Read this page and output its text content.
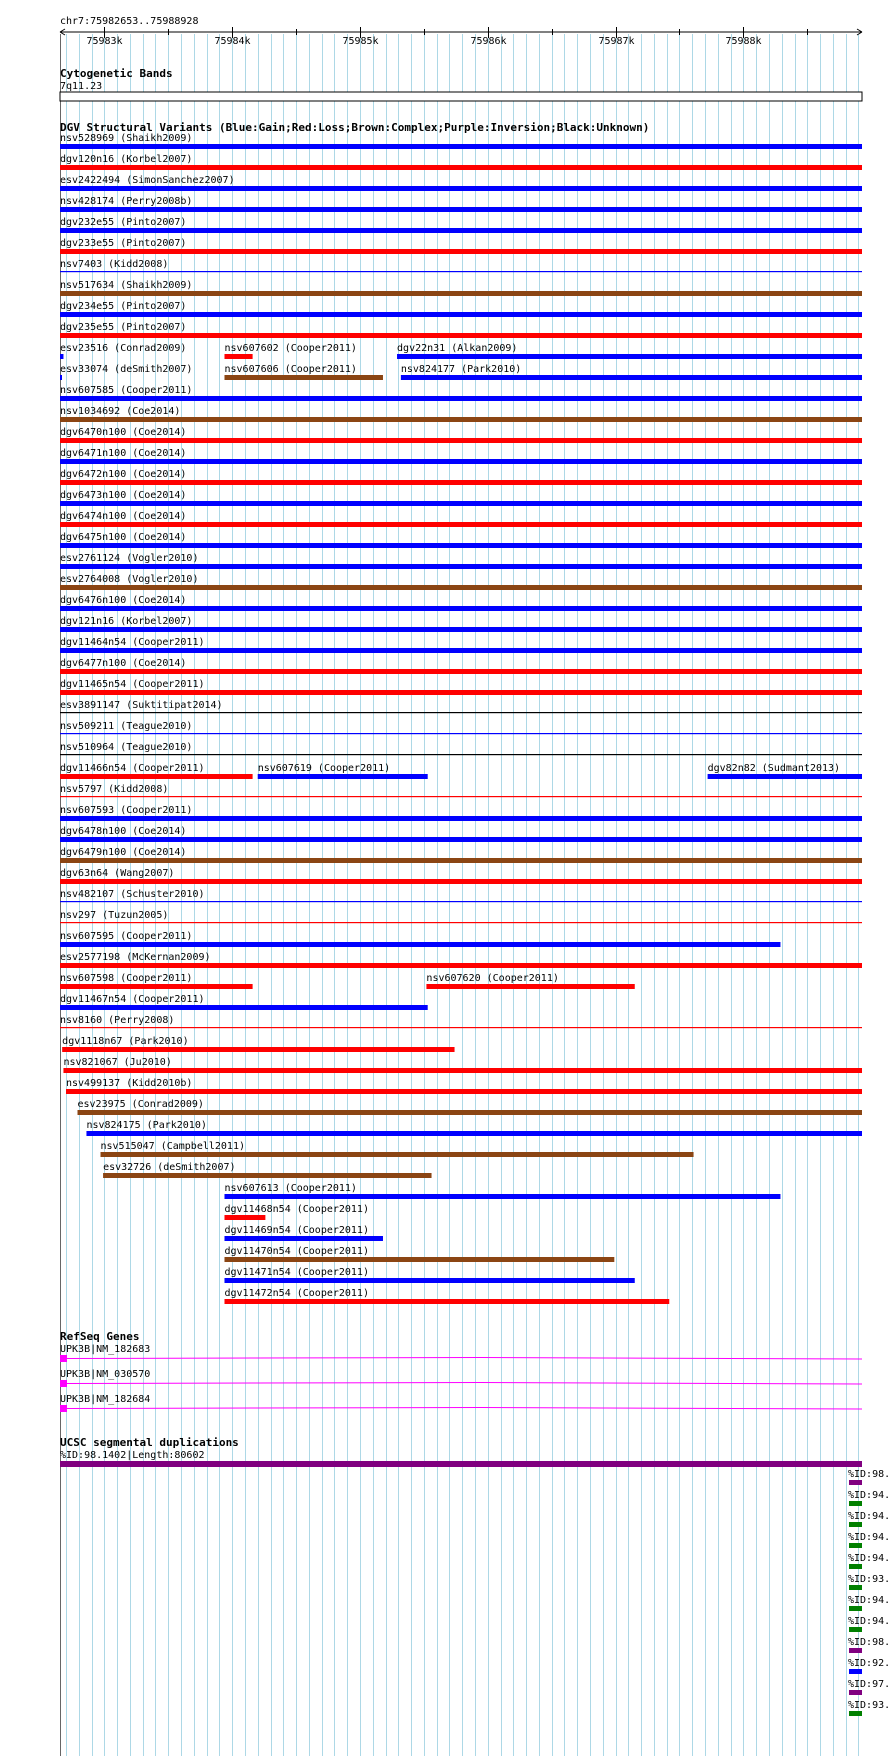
chr7:75982653..75988928
75983k	75984k	75985k	75986k	75987k	75988k
Cytogenetic Bands
7q11.23
DGV Structural Variants (Blue:Gain;Red:Loss;Brown:Complex;Purple:Inversion;Black:Unknown)
nsv528969 (Shaikh2009)
dgv120n16 (Korbel2007)
esv2422494 (SimonSanchez2007)
nsv428174 (Perry2008b)
dgv232e55 (Pinto2007)
dgv233e55 (Pinto2007)
nsv7403 (Kidd2008)
nsv517634 (Shaikh2009)
dgv234e55 (Pinto2007)
dgv235e55 (Pinto2007)
esv23516 (Conrad2009)	nsv607602 (Cooper2011)	dgv22n31 (Alkan2009)
esv33074 (deSmith2007)	nsv607606 (Cooper2011)	nsv824177 (Park2010)
nsv607585 (Cooper2011)
nsv1034692 (Coe2014)
dgv6470n100 (Coe2014)
dgv6471n100 (Coe2014)
dgv6472n100 (Coe2014)
dgv6473n100 (Coe2014)
dgv6474n100 (Coe2014)
dgv6475n100 (Coe2014)
esv2761124 (Vogler2010)
esv2764008 (Vogler2010)
dgv6476n100 (Coe2014)
dgv121n16 (Korbel2007)
dgv11464n54 (Cooper2011)
dgv6477n100 (Coe2014)
dgv11465n54 (Cooper2011)
esv3891147 (Suktitipat2014)
nsv509211 (Teague2010)
nsv510964 (Teague2010)
dgv11466n54 (Cooper2011)	nsv607619 (Cooper2011)	dgv82n82 (Sudmant2013)
nsv5797 (Kidd2008)
nsv607593 (Cooper2011)
dgv6478n100 (Coe2014)
dgv6479n100 (Coe2014)
dgv63n64 (Wang2007)
nsv482107 (Schuster2010)
nsv297 (Tuzun2005)
nsv607595 (Cooper2011)
esv2577198 (McKernan2009)
nsv607598 (Cooper2011)	nsv607620 (Cooper2011)
dgv11467n54 (Cooper2011)
nsv8160 (Perry2008)
dgv1118n67 (Park2010)
nsv821067 (Ju2010)
nsv499137 (Kidd2010b)
esv23975 (Conrad2009)
nsv824175 (Park2010)
nsv515047 (Campbell2011)
esv32726 (deSmith2007)
nsv607613 (Cooper2011)
dgv11468n54 (Cooper2011)
dgv11469n54 (Cooper2011)
dgv11470n54 (Cooper2011)
dgv11471n54 (Cooper2011)
dgv11472n54 (Cooper2011)
RefSeq Genes
UPK3B|NM_182683
UPK3B|NM_030570
UPK3B|NM_182684
UCSC segmental duplications
%ID:98.1402|Length:80602
%ID:98.
%ID:94.
%ID:94.
%ID:94.
%ID:94.
%ID:93.
%ID:94.
%ID:94.
%ID:98.
%ID:92.
%ID:97.
%ID:93.
